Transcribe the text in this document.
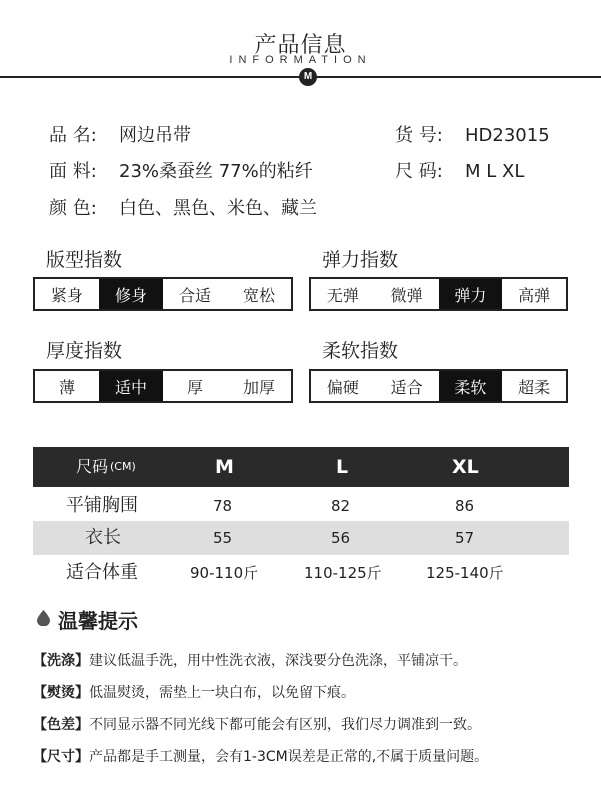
产品信息
INFORMATION
M
品 名: 网边吊带	货 号: HD23015
面 料: 23%桑蚕丝 77%的粘纤	尺 码: M L XL
颜 色: 白色、黑色、米色、藏兰
版型指数
紧身	修身	合适	宽松
弹力指数
无弹	微弹	弹力	高弹
厚度指数
薄	适中	厚	加厚
柔软指数
偏硬	适合	柔软	超柔
尺码 (CM)	M	L	XL
平铺胸围	78	82	86
衣长	55	56	57
适合体重	90-110斤	110-125斤	125-140斤
温馨提示
【洗涤】建议低温手洗，用中性洗衣液，深浅要分色洗涤，平铺凉干。
【熨烫】低温熨烫，需垫上一块白布，以免留下痕。
【色差】不同显示器不同光线下都可能会有区别，我们尽力调准到一致。
【尺寸】产品都是手工测量，会有1-3CM误差是正常的,不属于质量问题。
